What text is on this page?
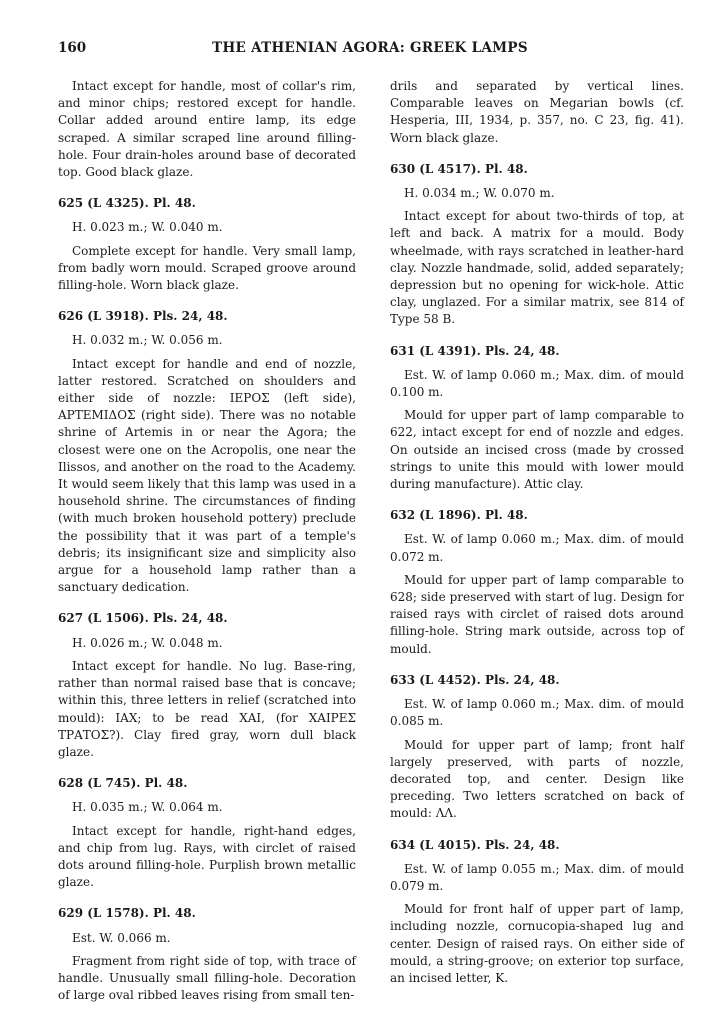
160	THE ATHENIAN AGORA: GREEK LAMPS

Intact except for handle, most of collar's rim, and minor chips; restored except for handle. Collar added around entire lamp, its edge scraped. A similar scraped line around filling-hole. Four drain-holes around base of decorated top. Good black glaze.

625 (L 4325). Pl. 48.

H. 0.023 m.; W. 0.040 m.

Complete except for handle. Very small lamp, from badly worn mould. Scraped groove around filling-hole. Worn black glaze.

626 (L 3918). Pls. 24, 48.

H. 0.032 m.; W. 0.056 m.

Intact except for handle and end of nozzle, latter restored. Scratched on shoulders and either side of nozzle: ΙΕΡΟΣ (left side), ΑΡΤΕΜΙΔΟΣ (right side). There was no notable shrine of Artemis in or near the Agora; the closest were one on the Acropolis, one near the Ilissos, and another on the road to the Academy. It would seem likely that this lamp was used in a household shrine. The circumstances of finding (with much broken household pottery) preclude the possibility that it was part of a temple's debris; its insignificant size and simplicity also argue for a household lamp rather than a sanctuary dedication.

627 (L 1506). Pls. 24, 48.

H. 0.026 m.; W. 0.048 m.

Intact except for handle. No lug. Base-ring, rather than normal raised base that is concave; within this, three letters in relief (scratched into mould): ΙΑΧ; to be read ΧΑΙ, (for ΧΑΙΡΕΣ ΤΡΑΤΟΣ?). Clay fired gray, worn dull black glaze.

628 (L 745). Pl. 48.

H. 0.035 m.; W. 0.064 m.

Intact except for handle, right-hand edges, and chip from lug. Rays, with circlet of raised dots around filling-hole. Purplish brown metallic glaze.

629 (L 1578). Pl. 48.

Est. W. 0.066 m.

Fragment from right side of top, with trace of handle. Unusually small filling-hole. Decoration of large oval ribbed leaves rising from small ten-

drils and separated by vertical lines. Comparable leaves on Megarian bowls (cf. Hesperia, III, 1934, p. 357, no. C 23, fig. 41). Worn black glaze.

630 (L 4517). Pl. 48.

H. 0.034 m.; W. 0.070 m.

Intact except for about two-thirds of top, at left and back. A matrix for a mould. Body wheelmade, with rays scratched in leather-hard clay. Nozzle handmade, solid, added separately; depression but no opening for wick-hole. Attic clay, unglazed. For a similar matrix, see 814 of Type 58 B.

631 (L 4391). Pls. 24, 48.

Est. W. of lamp 0.060 m.; Max. dim. of mould 0.100 m.

Mould for upper part of lamp comparable to 622, intact except for end of nozzle and edges. On outside an incised cross (made by crossed strings to unite this mould with lower mould during manufacture). Attic clay.

632 (L 1896). Pl. 48.

Est. W. of lamp 0.060 m.; Max. dim. of mould 0.072 m.

Mould for upper part of lamp comparable to 628; side preserved with start of lug. Design for raised rays with circlet of raised dots around filling-hole. String mark outside, across top of mould.

633 (L 4452). Pls. 24, 48.

Est. W. of lamp 0.060 m.; Max. dim. of mould 0.085 m.

Mould for upper part of lamp; front half largely preserved, with parts of nozzle, decorated top, and center. Design like preceding. Two letters scratched on back of mould: ΛΛ.

634 (L 4015). Pls. 24, 48.

Est. W. of lamp 0.055 m.; Max. dim. of mould 0.079 m.

Mould for front half of upper part of lamp, including nozzle, cornucopia-shaped lug and center. Design of raised rays. On either side of mould, a string-groove; on exterior top surface, an incised letter, Κ.
